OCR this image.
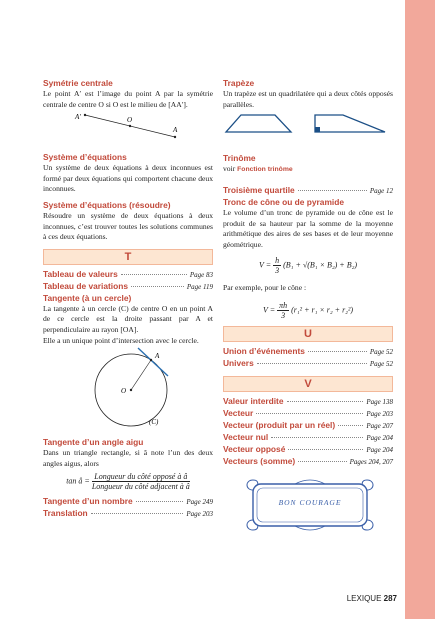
Symétrie centrale
Le point A′ est l’image du point A par la symétrie centrale de centre O si O est le milieu de [AA′].
A′	O
A
Système d’équations
Un système de deux équations à deux inconnues est formé par deux équations qui comportent chacune deux inconnues.
Système d’équations (résoudre)
Résoudre un système de deux équations à deux inconnues, c’est trouver toutes les solutions communes à ces deux équations.
T
Tableau de valeurs	Page 83
Tableau de variations	Page 119
Tangente (à un cercle)
La tangente à un cercle (C) de centre O en un point A de ce cercle est la droite passant par A et perpendiculaire au rayon [OA].
Elle a un unique point d’intersection avec le cercle.
A
O
(C)
Tangente d’un angle aigu
Dans un triangle rectangle, si â note l’un des deux angles aigus, alors
tan â = $\frac{\text{Longueur du côté opposé à â}}{\text{Longueur du côté adjacent à â}}$
Tangente d’un nombre	Page 249
Translation	Page 203
Trapèze
Un trapèze est un quadrilatère qui a deux côtés opposés parallèles.
Trinôme
voir Fonction trinôme
Troisième quartile	Page 12
Tronc de cône ou de pyramide
Le volume d’un tronc de pyramide ou de cône est le produit de sa hauteur par la somme de la moyenne arithmétique des aires de ses bases et de leur moyenne géométrique.
$V = \frac{h}{3} (B_1 + √(B_1 \times B_2) + B_2)$
Par exemple, pour le cône :
$V = \frac{\pi h}{3} (r_1^2 + r_1 \times r_2 + r_2^2)$
U
Union d’événements	Page 52
Univers	Page 52
V
Valeur interdite	Page 138
Vecteur	Page 203
Vecteur (produit par un réel)	Page 207
Vecteur nul	Page 204
Vecteur opposé	Page 204
Vecteurs (somme)	Pages 204, 207
BON COURAGE
LEXIQUE 287
